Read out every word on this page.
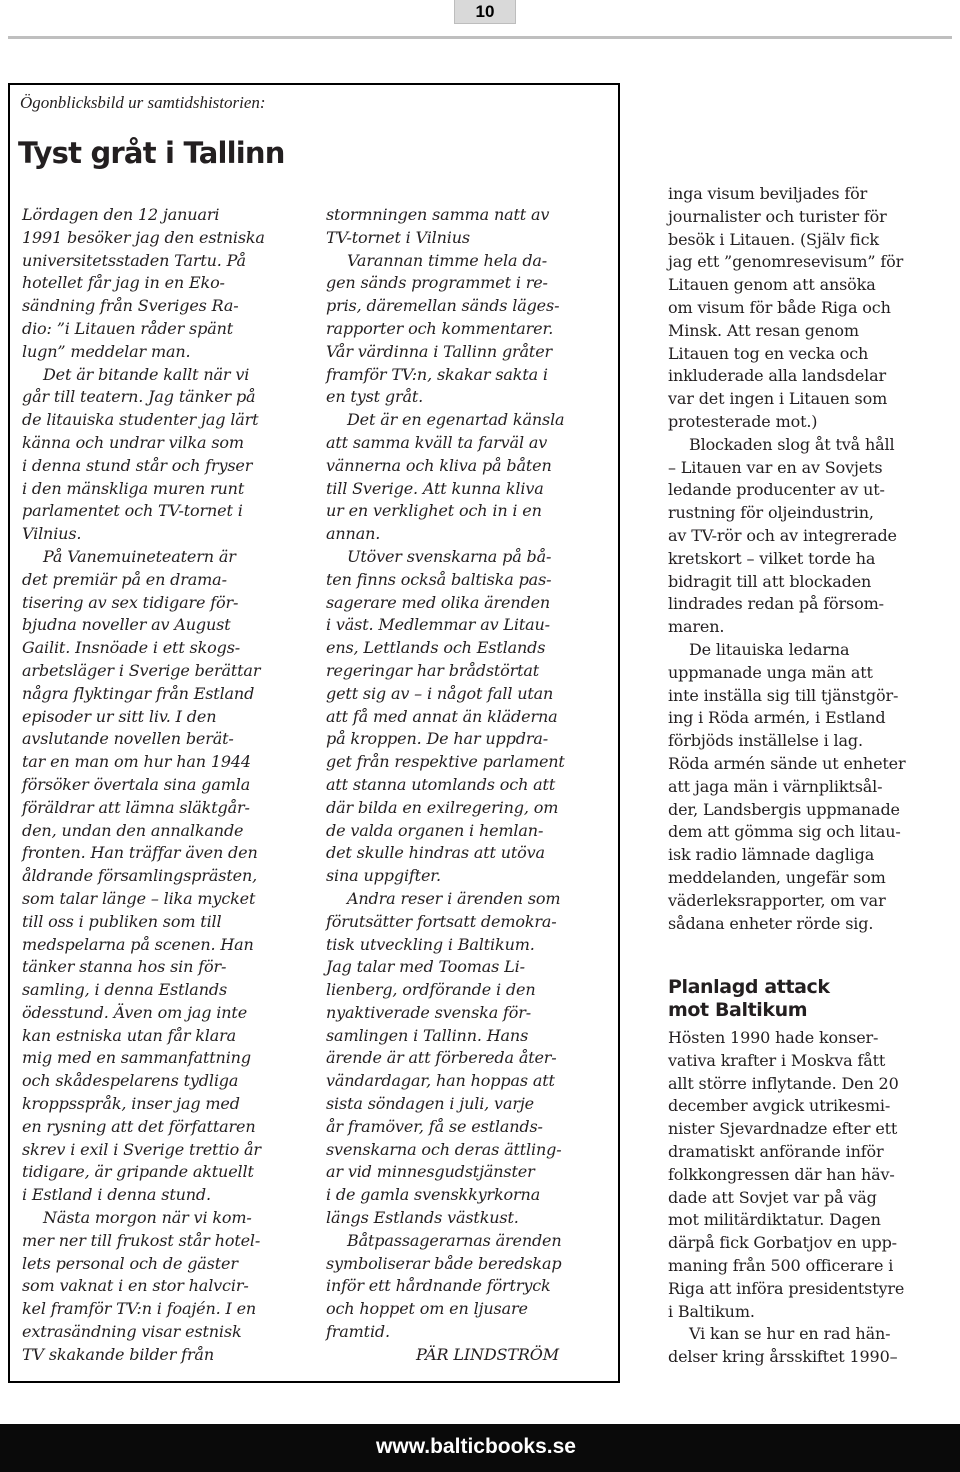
10
Ögonblicksbild ur samtidshistorien:
Tyst gråt i Tallinn

Lördagen den 12 januari
1991 besöker jag den estniska
universitetsstaden Tartu. På
hotellet får jag in en Eko-
sändning från Sveriges Ra-
dio: ”i Litauen råder spänt
lugn” meddelar man.

Det är bitande kallt när vi
går till teatern. Jag tänker på
de litauiska studenter jag lärt
känna och undrar vilka som
i denna stund står och fryser
i den mänskliga muren runt
parlamentet och TV-tornet i
Vilnius.

På Vanemuineteatern är
det premiär på en drama-
tisering av sex tidigare för-
bjudna noveller av August
Gailit. Insnöade i ett skogs-
arbetsläger i Sverige berättar
några flyktingar från Estland
episoder ur sitt liv. I den
avslutande novellen berät-
tar en man om hur han 1944
försöker övertala sina gamla
föräldrar att lämna släktgår-
den, undan den annalkande
fronten. Han träffar även den
åldrande församlingsprästen,
som talar länge – lika mycket
till oss i publiken som till
medspelarna på scenen. Han
tänker stanna hos sin för-
samling, i denna Estlands
ödesstund. Även om jag inte
kan estniska utan får klara
mig med en sammanfattning
och skådespelarens tydliga
kroppsspråk, inser jag med
en rysning att det författaren
skrev i exil i Sverige trettio år
tidigare, är gripande aktuellt
i Estland i denna stund.

Nästa morgon när vi kom-
mer ner till frukost står hotel-
lets personal och de gäster
som vaknat i en stor halvcir-
kel framför TV:n i foajén. I en
extrasändning visar estnisk
TV skakande bilder från

stormningen samma natt av
TV-tornet i Vilnius

Varannan timme hela da-
gen sänds programmet i re-
pris, däremellan sänds läges-
rapporter och kommentarer.
Vår värdinna i Tallinn gråter
framför TV:n, skakar sakta i
en tyst gråt.

Det är en egenartad känsla
att samma kväll ta farväl av
vännerna och kliva på båten
till Sverige. Att kunna kliva
ur en verklighet och in i en
annan.

Utöver svenskarna på bå-
ten finns också baltiska pas-
sagerare med olika ärenden
i väst. Medlemmar av Litau-
ens, Lettlands och Estlands
regeringar har brådstörtat
gett sig av – i något fall utan
att få med annat än kläderna
på kroppen. De har uppdra-
get från respektive parlament
att stanna utomlands och att
där bilda en exilregering, om
de valda organen i hemlan-
det skulle hindras att utöva
sina uppgifter.

Andra reser i ärenden som
förutsätter fortsatt demokra-
tisk utveckling i Baltikum.
Jag talar med Toomas Li-
lienberg, ordförande i den
nyaktiverade svenska för-
samlingen i Tallinn. Hans
ärende är att förbereda åter-
vändardagar, han hoppas att
sista söndagen i juli, varje
år framöver, få se estlands-
svenskarna och deras ättling-
ar vid minnesgudstjänster
i de gamla svenskkyrkorna
längs Estlands västkust.

Båtpassagerarnas ärenden
symboliserar både beredskap
inför ett hårdnande förtryck
och hoppet om en ljusare
framtid.

PÄR LINDSTRÖM

inga visum beviljades för
journalister och turister för
besök i Litauen. (Själv fick
jag ett ”genomresevisum” för
Litauen genom att ansöka
om visum för både Riga och
Minsk. Att resan genom
Litauen tog en vecka och
inkluderade alla landsdelar
var det ingen i Litauen som
protesterade mot.)

Blockaden slog åt två håll
– Litauen var en av Sovjets
ledande producenter av ut-
rustning för oljeindustrin,
av TV-rör och av integrerade
kretskort – vilket torde ha
bidragit till att blockaden
lindrades redan på försom-
maren.

De litauiska ledarna
uppmanade unga män att
inte inställa sig till tjänstgör-
ing i Röda armén, i Estland
förbjöds inställelse i lag.
Röda armén sände ut enheter
att jaga män i värnpliktsål-
der, Landsbergis uppmanade
dem att gömma sig och litau-
isk radio lämnade dagliga
meddelanden, ungefär som
väderleksrapporter, om var
sådana enheter rörde sig.

Planlagd attack
mot Baltikum

Hösten 1990 hade konser-
vativa krafter i Moskva fått
allt större inflytande. Den 20
december avgick utrikesmi-
nister Sjevardnadze efter ett
dramatiskt anförande inför
folkkongressen där han häv-
dade att Sovjet var på väg
mot militärdiktatur. Dagen
därpå fick Gorbatjov en upp-
maning från 500 officerare i
Riga att införa presidentstyre
i Baltikum.

Vi kan se hur en rad hän-
delser kring årsskiftet 1990–

www.balticbooks.se
